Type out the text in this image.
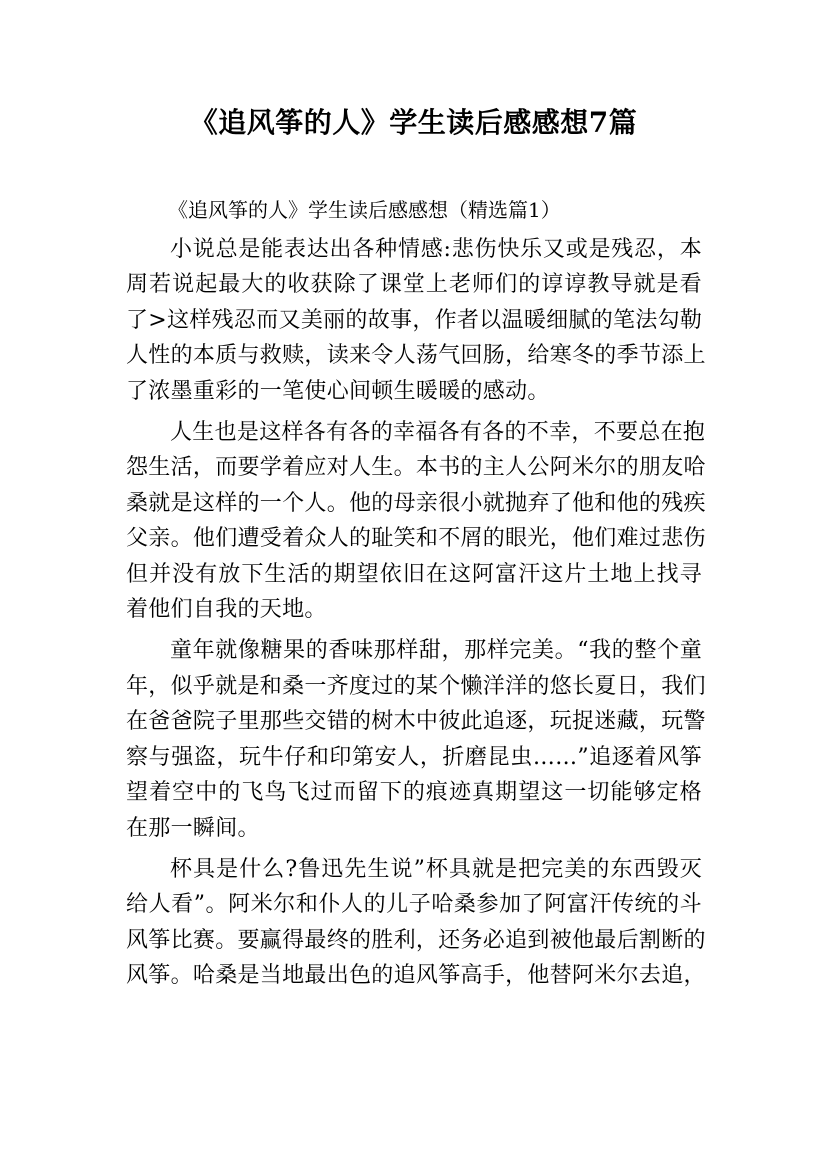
《追风筝的人》学生读后感感想7篇
《追风筝的人》学生读后感感想（精选篇1）
小说总是能表达出各种情感:悲伤快乐又或是残忍，本
周若说起最大的收获除了课堂上老师们的谆谆教导就是看
了>这样残忍而又美丽的故事，作者以温暖细腻的笔法勾勒
人性的本质与救赎，读来令人荡气回肠，给寒冬的季节添上
了浓墨重彩的一笔使心间顿生暖暖的感动。
人生也是这样各有各的幸福各有各的不幸，不要总在抱
怨生活，而要学着应对人生。本书的主人公阿米尔的朋友哈
桑就是这样的一个人。他的母亲很小就抛弃了他和他的残疾
父亲。他们遭受着众人的耻笑和不屑的眼光，他们难过悲伤
但并没有放下生活的期望依旧在这阿富汗这片土地上找寻
着他们自我的天地。
童年就像糖果的香味那样甜，那样完美。“我的整个童
年，似乎就是和桑一齐度过的某个懒洋洋的悠长夏日，我们
在爸爸院子里那些交错的树木中彼此追逐，玩捉迷藏，玩警
察与强盗，玩牛仔和印第安人，折磨昆虫……”追逐着风筝
望着空中的飞鸟飞过而留下的痕迹真期望这一切能够定格
在那一瞬间。
杯具是什么?鲁迅先生说”杯具就是把完美的东西毁灭
给人看”。阿米尔和仆人的儿子哈桑参加了阿富汗传统的斗
风筝比赛。要赢得最终的胜利，还务必追到被他最后割断的
风筝。哈桑是当地最出色的追风筝高手，他替阿米尔去追，
